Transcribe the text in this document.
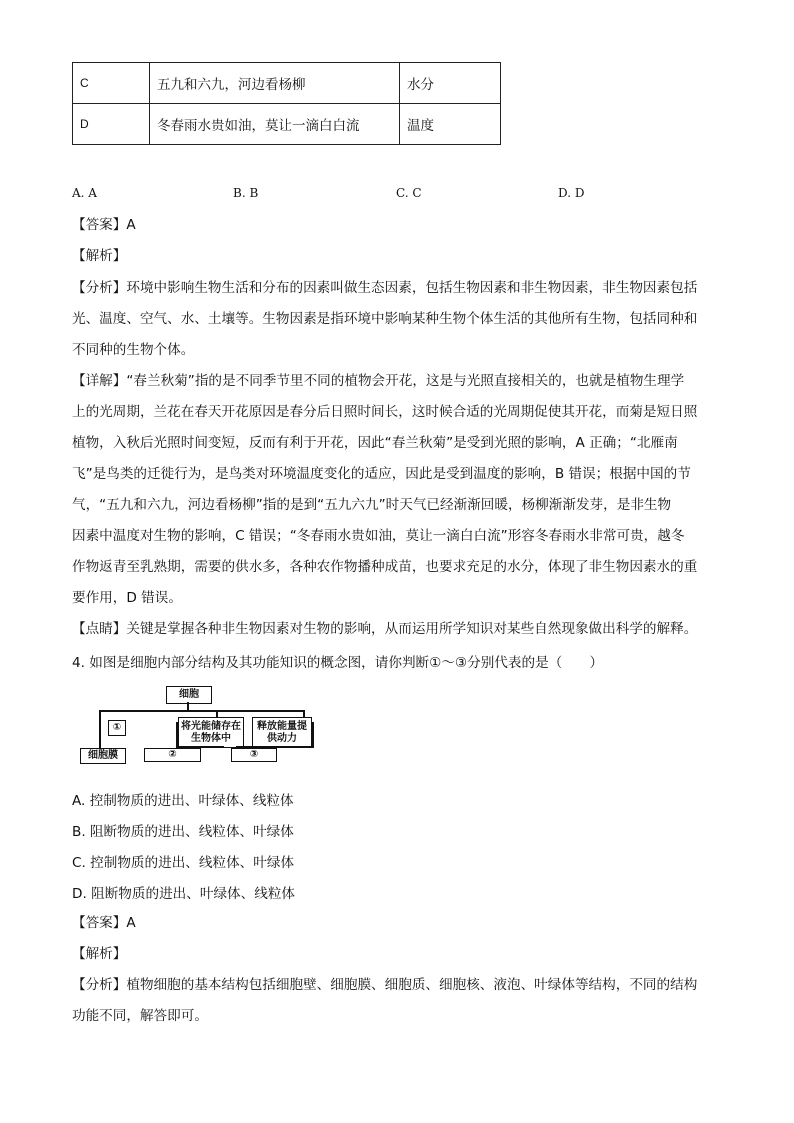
C	五九和六九，河边看杨柳	水分
D	冬春雨水贵如油，莫让一滴白白流	温度
A. A	B. B	C. C	D. D
【答案】A
【解析】
【分析】环境中影响生物生活和分布的因素叫做生态因素，包括生物因素和非生物因素，非生物因素包括
光、温度、空气、水、土壤等。生物因素是指环境中影响某种生物个体生活的其他所有生物，包括同种和
不同种的生物个体。
【详解】“春兰秋菊”指的是不同季节里不同的植物会开花，这是与光照直接相关的，也就是植物生理学
上的光周期，兰花在春天开花原因是春分后日照时间长，这时候合适的光周期促使其开花，而菊是短日照
植物，入秋后光照时间变短，反而有利于开花，因此“春兰秋菊”是受到光照的影响，A 正确；“北雁南
飞”是鸟类的迁徙行为，是鸟类对环境温度变化的适应，因此是受到温度的影响，B 错误；根据中国的节
气，“五九和六九，河边看杨柳”指的是到“五九六九”时天气已经渐渐回暖，杨柳渐渐发芽，是非生物
因素中温度对生物的影响，C 错误；“冬春雨水贵如油，莫让一滴白白流”形容冬春雨水非常可贵，越冬
作物返青至乳熟期，需要的供水多，各种农作物播种成苗，也要求充足的水分，体现了非生物因素水的重
要作用，D 错误。
【点睛】关键是掌握各种非生物因素对生物的影响，从而运用所学知识对某些自然现象做出科学的解释。
4. 如图是细胞内部分结构及其功能知识的概念图，请你判断①～③分别代表的是（　　）
细胞
①	将光能储存在生物体中
释放能量提供动力
细胞膜	②	③
A. 控制物质的进出、叶绿体、线粒体
B. 阻断物质的进出、线粒体、叶绿体
C. 控制物质的进出、线粒体、叶绿体
D. 阻断物质的进出、叶绿体、线粒体
【答案】A
【解析】
【分析】植物细胞的基本结构包括细胞壁、细胞膜、细胞质、细胞核、液泡、叶绿体等结构，不同的结构
功能不同，解答即可。
